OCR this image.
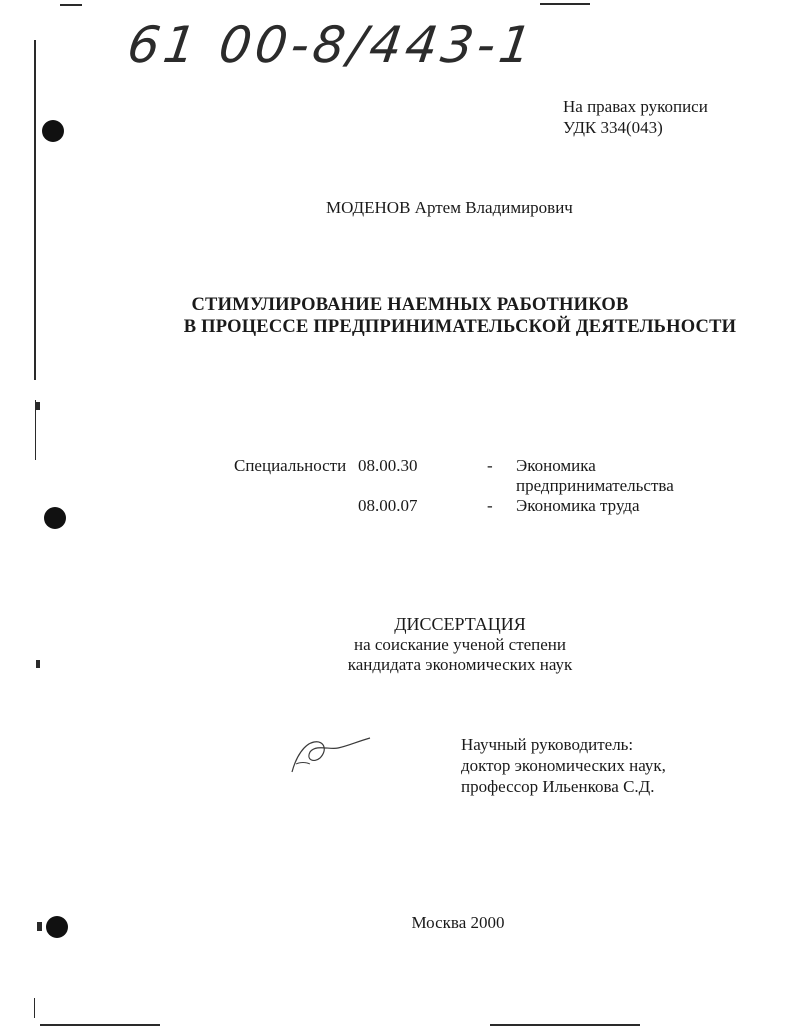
61 00-8/443-1
На правах рукописи
УДК 334(043)
МОДЕНОВ Артем Владимирович
СТИМУЛИРОВАНИЕ НАЕМНЫХ РАБОТНИКОВ
В ПРОЦЕССЕ ПРЕДПРИНИМАТЕЛЬСКОЙ ДЕЯТЕЛЬНОСТИ
Специальности 08.00.30	- Экономика
предпринимательства
08.00.07	- Экономика труда
ДИССЕРТАЦИЯ
на соискание ученой степени
кандидата экономических наук
Научный руководитель:
доктор экономических наук,
профессор Ильенкова С.Д.
Москва 2000
